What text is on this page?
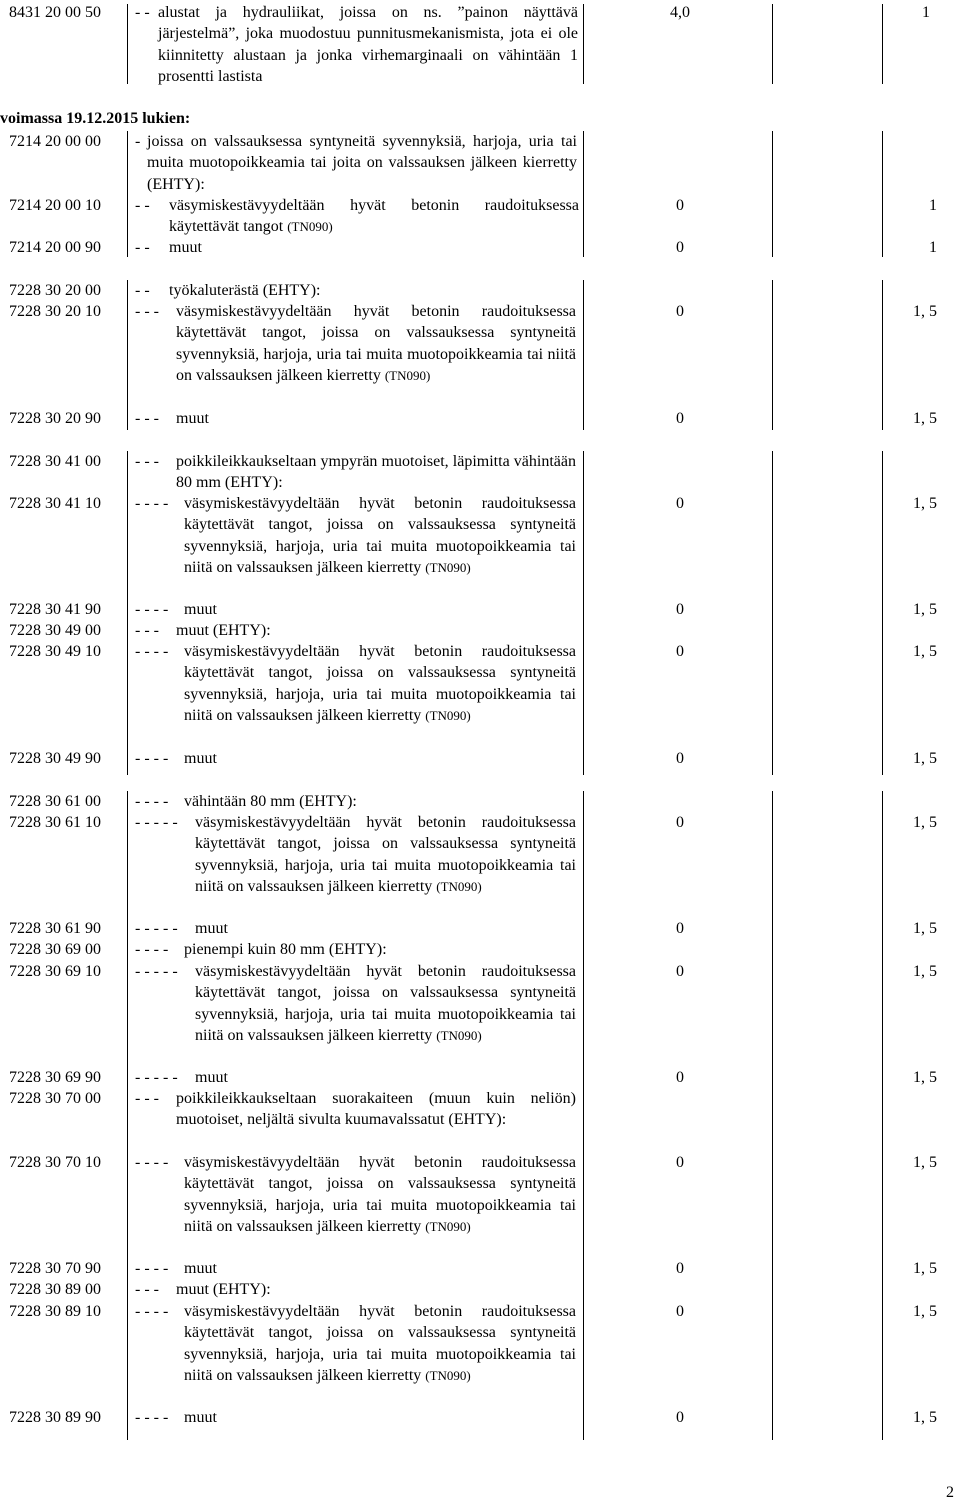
8431 20 00 50 - - alustat ja hydrauliikat, joissa on ns. ”painon näyttävä järjestelmä”, joka muodostuu punnitusmekanismista, jota ei ole kiinnitetty alustaan ja jonka virhemarginaali on vähintään 1 prosentti lastista
4,0	1
voimassa 19.12.2015 lukien:
7214 20 00 00 - joissa on valssauksessa syntyneitä syvennyksiä, harjoja, uria tai muita muotopoikkeamia tai joita on valssauksen jälkeen kierretty (EHTY):
7214 20 00 10 - - väsymiskestävyydeltään hyvät betonin raudoituksessa käytettävät tangot (TN090)
0	1
7214 20 00 90 - - muut	0	1
7228 30 20 00 - - työkaluterästä (EHTY):
7228 30 20 10 - - - väsymiskestävyydeltään hyvät betonin raudoituksessa käytettävät tangot, joissa on valssauksessa syntyneitä syvennyksiä, harjoja, uria tai muita muotopoikkeamia tai niitä on valssauksen jälkeen kierretty (TN090)
0	1, 5
7228 30 20 90 - - - muut	0	1, 5
7228 30 41 00 - - - poikkileikkaukseltaan ympyrän muotoiset, läpimitta vähintään 80 mm (EHTY):
7228 30 41 10 - - - - väsymiskestävyydeltään hyvät betonin raudoituksessa käytettävät tangot, joissa on valssauksessa syntyneitä syvennyksiä, harjoja, uria tai muita muotopoikkeamia tai niitä on valssauksen jälkeen kierretty (TN090)
0	1, 5
7228 30 41 90 - - - - muut	0	1, 5
7228 30 49 00 - - - muut (EHTY):
7228 30 49 10 - - - - väsymiskestävyydeltään hyvät betonin raudoituksessa käytettävät tangot, joissa on valssauksessa syntyneitä syvennyksiä, harjoja, uria tai muita muotopoikkeamia tai niitä on valssauksen jälkeen kierretty (TN090)
0	1, 5
7228 30 49 90 - - - - muut	0	1, 5
7228 30 61 00 - - - - vähintään 80 mm (EHTY):
7228 30 61 10 - - - - - väsymiskestävyydeltään hyvät betonin raudoituksessa käytettävät tangot, joissa on valssauksessa syntyneitä syvennyksiä, harjoja, uria tai muita muotopoikkeamia tai niitä on valssauksen jälkeen kierretty (TN090)
0	1, 5
7228 30 61 90 - - - - - muut	0	1, 5
7228 30 69 00 - - - - pienempi kuin 80 mm (EHTY):
7228 30 69 10 - - - - - väsymiskestävyydeltään hyvät betonin raudoituksessa käytettävät tangot, joissa on valssauksessa syntyneitä syvennyksiä, harjoja, uria tai muita muotopoikkeamia tai niitä on valssauksen jälkeen kierretty (TN090)
0	1, 5
7228 30 69 90 - - - - - muut	0	1, 5
7228 30 70 00 - - - poikkileikkaukseltaan suorakaiteen (muun kuin neliön) muotoiset, neljältä sivulta kuumavalssatut (EHTY):
7228 30 70 10 - - - - väsymiskestävyydeltään hyvät betonin raudoituksessa käytettävät tangot, joissa on valssauksessa syntyneitä syvennyksiä, harjoja, uria tai muita muotopoikkeamia tai niitä on valssauksen jälkeen kierretty (TN090)
0	1, 5
7228 30 70 90 - - - - muut	0	1, 5
7228 30 89 00 - - - muut (EHTY):
7228 30 89 10 - - - - väsymiskestävyydeltään hyvät betonin raudoituksessa käytettävät tangot, joissa on valssauksessa syntyneitä syvennyksiä, harjoja, uria tai muita muotopoikkeamia tai niitä on valssauksen jälkeen kierretty (TN090)
0	1, 5
7228 30 89 90 - - - - muut	0	1, 5
2
